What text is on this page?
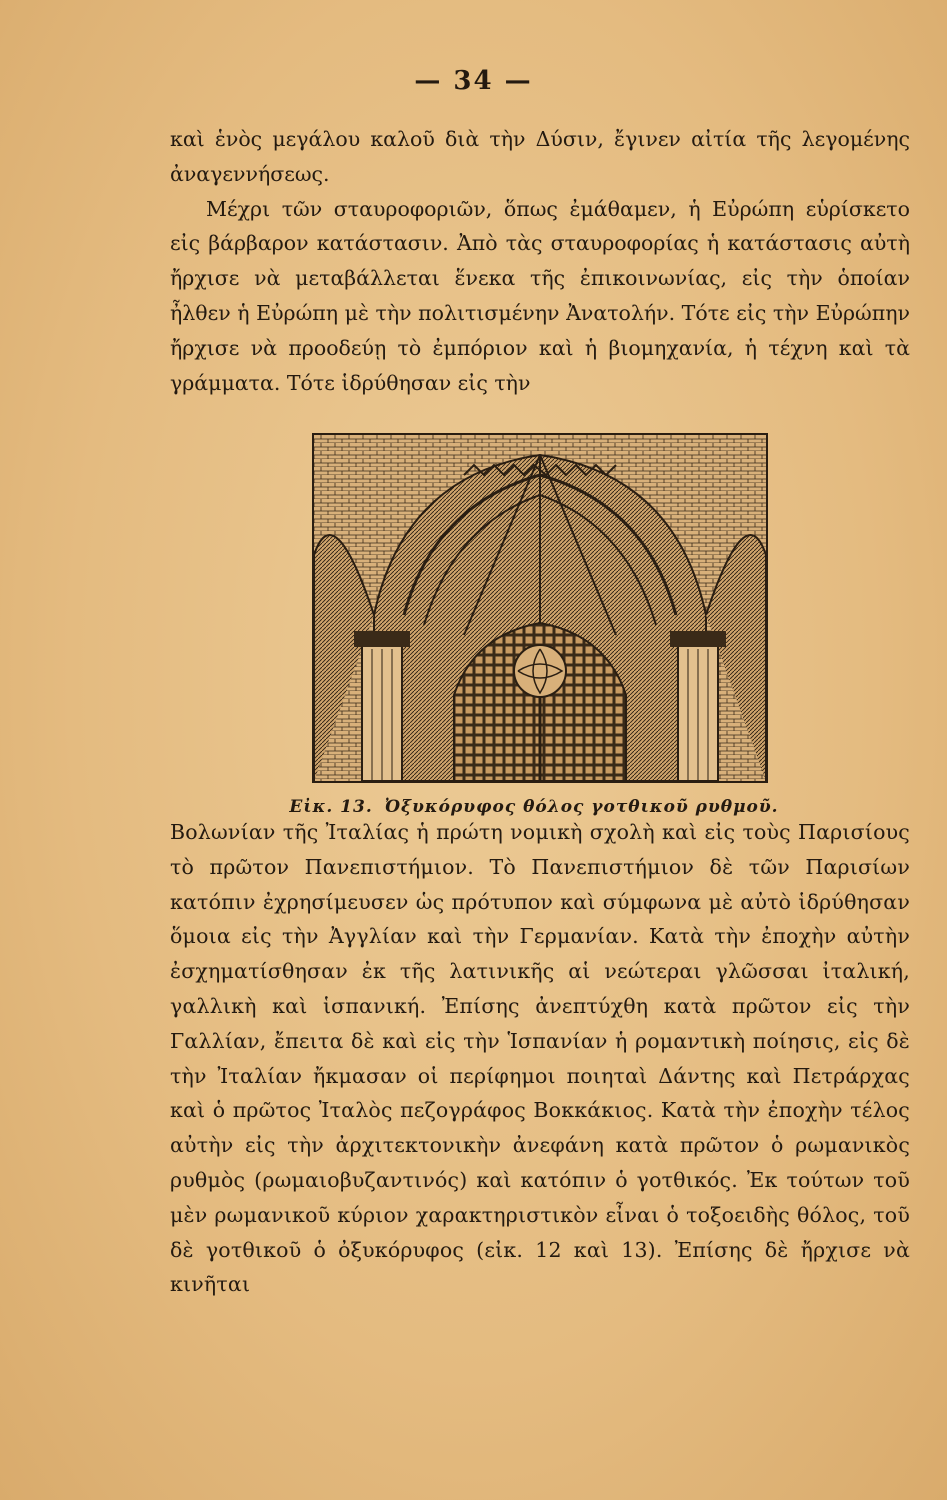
— 34 —

καὶ ἑνὸς μεγάλου καλοῦ διὰ τὴν Δύσιν, ἔγινεν αἰτία τῆς λεγομένης ἀναγεννήσεως.
Μέχρι τῶν σταυροφοριῶν, ὅπως ἐμάθαμεν, ἡ Εὐρώπη εὑρίσκετο εἰς βάρβαρον κατάστασιν. Ἀπὸ τὰς σταυροφορίας ἡ κατάστασις αὐτὴ ἤρχισε νὰ μεταβάλλεται ἕνεκα τῆς ἐπικοινωνίας, εἰς τὴν ὁποίαν ἦλθεν ἡ Εὐρώπη μὲ τὴν πολιτισμένην Ἀνατολήν. Τότε εἰς τὴν Εὐρώπην ἤρχισε νὰ προοδεύῃ τὸ ἐμπόριον καὶ ἡ βιομηχανία, ἡ τέχνη καὶ τὰ γράμματα. Τότε ἱδρύθησαν εἰς τὴν

Εἰκ. 13. Ὀξυκόρυφος θόλος γοτθικοῦ ρυθμοῦ.

Βολωνίαν τῆς Ἰταλίας ἡ πρώτη νομικὴ σχολὴ καὶ εἰς τοὺς Παρισίους τὸ πρῶτον Πανεπιστήμιον. Τὸ Πανεπιστήμιον δὲ τῶν Παρισίων κατόπιν ἐχρησίμευσεν ὡς πρότυπον καὶ σύμφωνα μὲ αὐτὸ ἱδρύθησαν ὅμοια εἰς τὴν Ἀγγλίαν καὶ τὴν Γερμανίαν. Κατὰ τὴν ἐποχὴν αὐτὴν ἐσχηματίσθησαν ἐκ τῆς λατινικῆς αἱ νεώτεραι γλῶσσαι ἰταλική, γαλλικὴ καὶ ἱσπανική. Ἐπίσης ἀνεπτύχθη κατὰ πρῶτον εἰς τὴν Γαλλίαν, ἔπειτα δὲ καὶ εἰς τὴν Ἱσπανίαν ἡ ρομαντικὴ ποίησις, εἰς δὲ τὴν Ἰταλίαν ἤκμασαν οἱ περίφημοι ποιηταὶ Δάντης καὶ Πετράρχας καὶ ὁ πρῶτος Ἰταλὸς πεζογράφος Βοκκάκιος. Κατὰ τὴν ἐποχὴν τέλος αὐτὴν εἰς τὴν ἀρχιτεκτονικὴν ἀνεφάνη κατὰ πρῶτον ὁ ρωμανικὸς ρυθμὸς (ρωμαιοβυζαντινός) καὶ κατόπιν ὁ γοτθικός. Ἐκ τούτων τοῦ μὲν ρωμανικοῦ κύριον χαρακτηριστικὸν εἶναι ὁ τοξοειδὴς θόλος, τοῦ δὲ γοτθικοῦ ὁ ὀξυκόρυφος (εἰκ. 12 καὶ 13). Ἐπίσης δὲ ἤρχισε νὰ κινῆται
